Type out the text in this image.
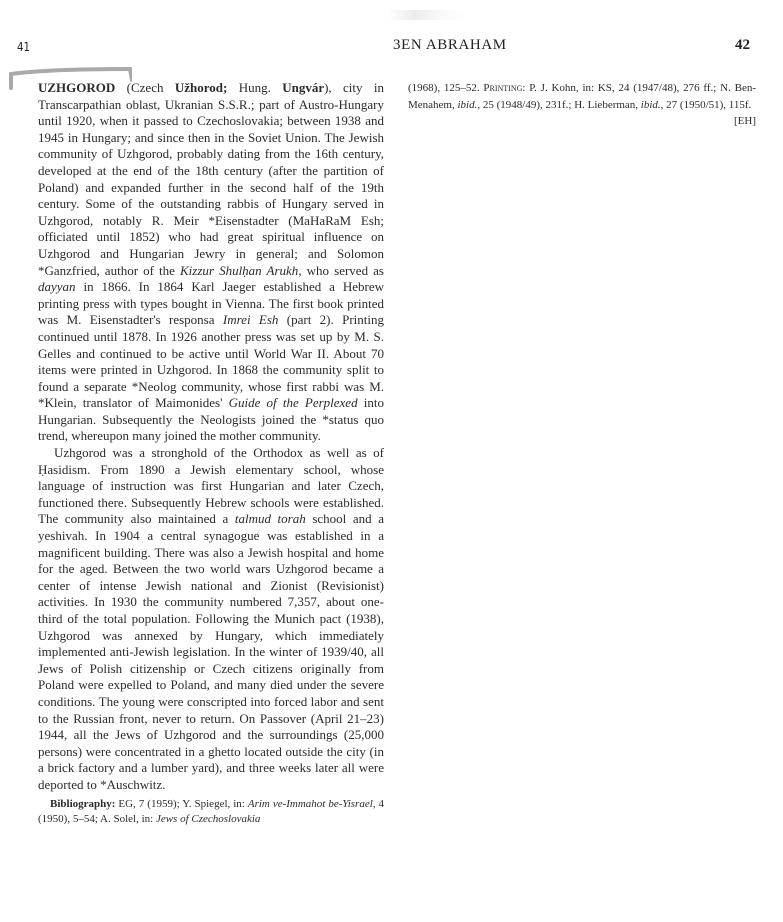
41	3EN ABRAHAM	42

UZHGOROD (Czech Užhorod; Hung. Ungvár), city in Transcarpathian oblast, Ukranian S.S.R.; part of Austro-Hungary until 1920, when it passed to Czechoslovakia; between 1938 and 1945 in Hungary; and since then in the Soviet Union. The Jewish community of Uzhgorod, probably dating from the 16th century, developed at the end of the 18th century (after the partition of Poland) and expanded further in the second half of the 19th century. Some of the outstanding rabbis of Hungary served in Uzhgorod, notably R. Meir *Eisenstadter (MaHaRaM Esh; officiated until 1852) who had great spiritual influence on Uzhgorod and Hungarian Jewry in general; and Solomon *Ganzfried, author of the Kizzur Shulḥan Arukh, who served as dayyan in 1866. In 1864 Karl Jaeger established a Hebrew printing press with types bought in Vienna. The first book printed was M. Eisenstadter's responsa Imrei Esh (part 2). Printing continued until 1878. In 1926 another press was set up by M. S. Gelles and continued to be active until World War II. About 70 items were printed in Uzhgorod. In 1868 the community split to found a separate *Neolog community, whose first rabbi was M. *Klein, translator of Maimonides' Guide of the Perplexed into Hungarian. Subsequently the Neologists joined the *status quo trend, whereupon many joined the mother community.

Uzhgorod was a stronghold of the Orthodox as well as of Ḥasidism. From 1890 a Jewish elementary school, whose language of instruction was first Hungarian and later Czech, functioned there. Subsequently Hebrew schools were established. The community also maintained a talmud torah school and a yeshivah. In 1904 a central synagogue was established in a magnificent building. There was also a Jewish hospital and home for the aged. Between the two world wars Uzhgorod became a center of intense Jewish national and Zionist (Revisionist) activities. In 1930 the community numbered 7,357, about one-third of the total population. Following the Munich pact (1938), Uzhgorod was annexed by Hungary, which immediately implemented anti-Jewish legislation. In the winter of 1939/40, all Jews of Polish citizenship or Czech citizens originally from Poland were expelled to Poland, and many died under the severe conditions. The young were conscripted into forced labor and sent to the Russian front, never to return. On Passover (April 21–23) 1944, all the Jews of Uzhgorod and the surroundings (25,000 persons) were concentrated in a ghetto located outside the city (in a brick factory and a lumber yard), and three weeks later all were deported to *Auschwitz.

Bibliography: EG, 7 (1959); Y. Spiegel, in: Arim ve-Immahot be-Yisrael, 4 (1950), 5–54; A. Solel, in: Jews of Czechoslovakia

(1968), 125–52. Printing: P. J. Kohn, in: KS, 24 (1947/48), 276 ff.; N. Ben-Menahem, ibid., 25 (1948/49), 231f.; H. Lieberman, ibid., 27 (1950/51), 115f.
[EH]
